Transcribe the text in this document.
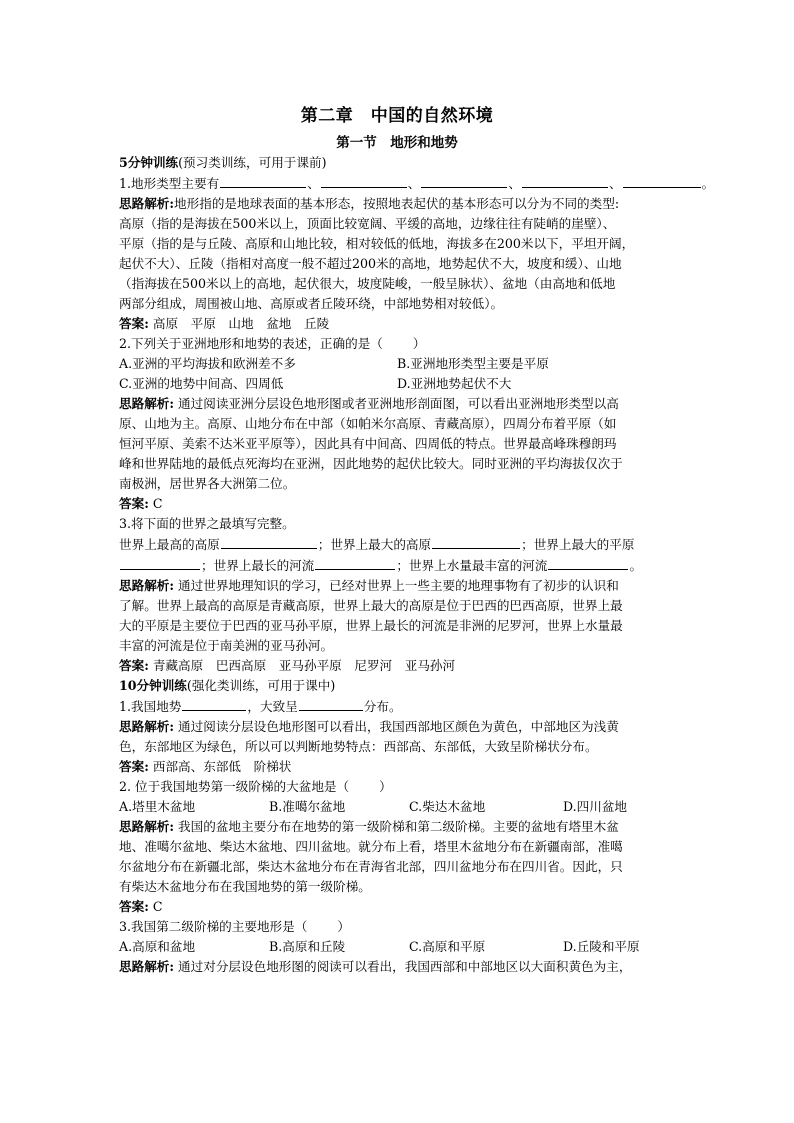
第二章　中国的自然环境
第一节　地形和地势
5分钟训练(预习类训练，可用于课前)
1.地形类型主要有	、	、	、	、	。
思路解析:地形指的是地球表面的基本形态，按照地表起伏的基本形态可以分为不同的类型:
高原（指的是海拔在500米以上，顶面比较宽阔、平缓的高地，边缘往往有陡峭的崖壁）、
平原（指的是与丘陵、高原和山地比较，相对较低的低地，海拔多在200米以下，平坦开阔，
起伏不大）、丘陵（指相对高度一般不超过200米的高地，地势起伏不大，坡度和缓）、山地
（指海拔在500米以上的高地，起伏很大，坡度陡峻，一般呈脉状）、盆地（由高地和低地
两部分组成，周围被山地、高原或者丘陵环绕，中部地势相对较低）。
答案: 高原　平原　山地　盆地　丘陵
2.下列关于亚洲地形和地势的表述，正确的是（ ）
A.亚洲的平均海拔和欧洲差不多	B.亚洲地形类型主要是平原
C.亚洲的地势中间高、四周低	D.亚洲地势起伏不大
思路解析: 通过阅读亚洲分层设色地形图或者亚洲地形剖面图，可以看出亚洲地形类型以高
原、山地为主。高原、山地分布在中部（如帕米尔高原、青藏高原），四周分布着平原（如
恒河平原、美索不达米亚平原等），因此具有中间高、四周低的特点。世界最高峰珠穆朗玛
峰和世界陆地的最低点死海均在亚洲，因此地势的起伏比较大。同时亚洲的平均海拔仅次于
南极洲，居世界各大洲第二位。
答案: C
3.将下面的世界之最填写完整。
世界上最高的高原	；世界上最大的高原	；世界上最大的平原
；世界上最长的河流	；世界上水量最丰富的河流	。
思路解析: 通过世界地理知识的学习，已经对世界上一些主要的地理事物有了初步的认识和
了解。世界上最高的高原是青藏高原，世界上最大的高原是位于巴西的巴西高原，世界上最
大的平原是主要位于巴西的亚马孙平原，世界上最长的河流是非洲的尼罗河，世界上水量最
丰富的河流是位于南美洲的亚马孙河。
答案: 青藏高原　巴西高原　亚马孙平原　尼罗河　亚马孙河
10分钟训练(强化类训练，可用于课中)
1.我国地势	，大致呈	分布。
思路解析: 通过阅读分层设色地形图可以看出，我国西部地区颜色为黄色，中部地区为浅黄
色，东部地区为绿色，所以可以判断地势特点：西部高、东部低，大致呈阶梯状分布。
答案: 西部高、东部低　阶梯状
2. 位于我国地势第一级阶梯的大盆地是（ ）
A.塔里木盆地	B.准噶尔盆地	C.柴达木盆地	D.四川盆地
思路解析: 我国的盆地主要分布在地势的第一级阶梯和第二级阶梯。主要的盆地有塔里木盆
地、准噶尔盆地、柴达木盆地、四川盆地。就分布上看，塔里木盆地分布在新疆南部，准噶
尔盆地分布在新疆北部，柴达木盆地分布在青海省北部，四川盆地分布在四川省。因此，只
有柴达木盆地分布在我国地势的第一级阶梯。
答案: C
3.我国第二级阶梯的主要地形是（ ）
A.高原和盆地	B.高原和丘陵	C.高原和平原	D.丘陵和平原
思路解析: 通过对分层设色地形图的阅读可以看出，我国西部和中部地区以大面积黄色为主，
